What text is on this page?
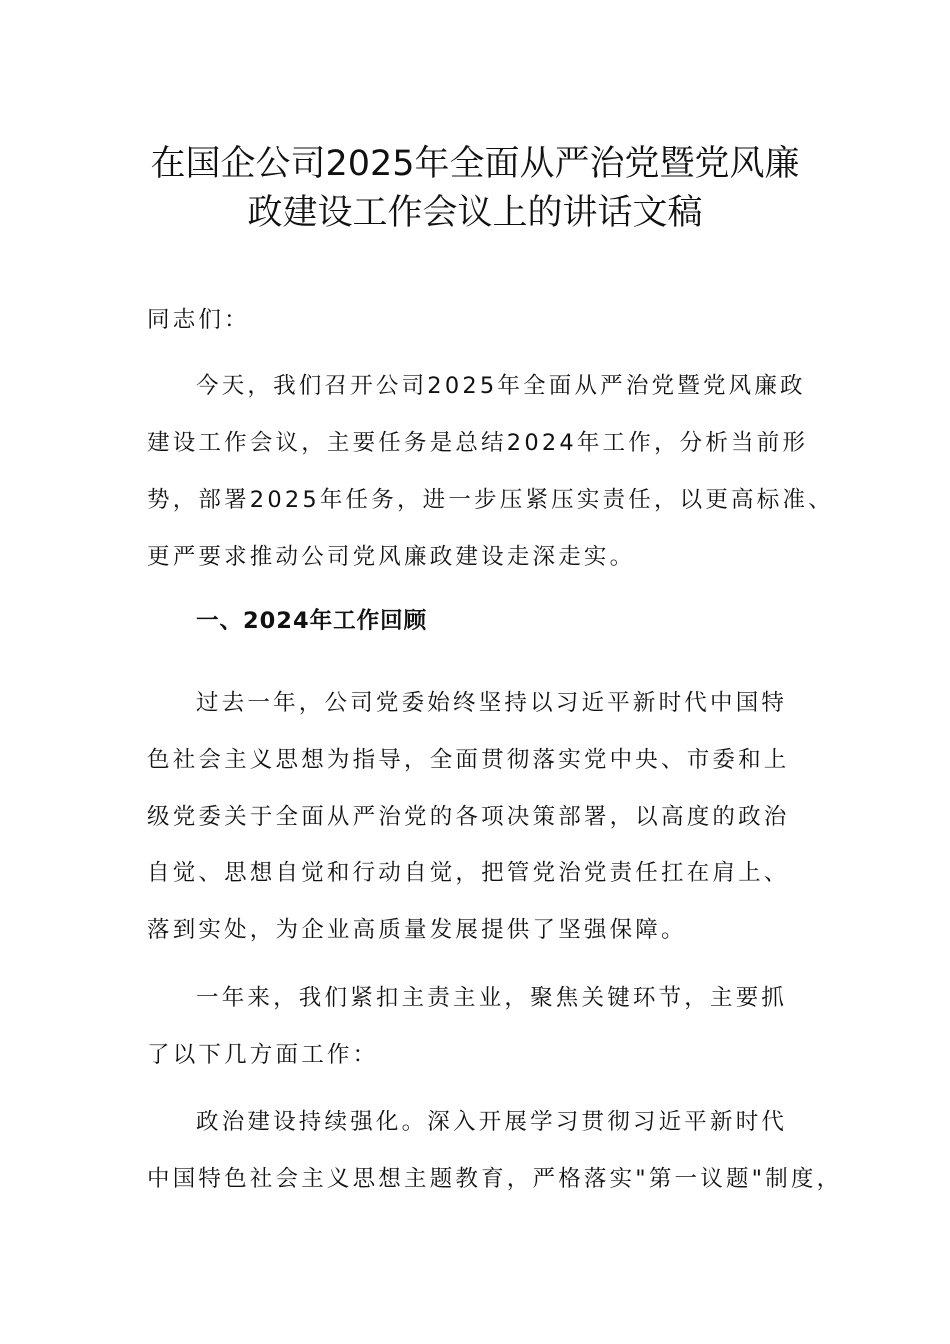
在国企公司2025年全面从严治党暨党风廉
政建设工作会议上的讲话文稿
同志们：
今天，我们召开公司2025年全面从严治党暨党风廉政
建设工作会议，主要任务是总结2024年工作，分析当前形
势，部署2025年任务，进一步压紧压实责任，以更高标准、
更严要求推动公司党风廉政建设走深走实。
一、2024年工作回顾
过去一年，公司党委始终坚持以习近平新时代中国特
色社会主义思想为指导，全面贯彻落实党中央、市委和上
级党委关于全面从严治党的各项决策部署，以高度的政治
自觉、思想自觉和行动自觉，把管党治党责任扛在肩上、
落到实处，为企业高质量发展提供了坚强保障。
一年来，我们紧扣主责主业，聚焦关键环节，主要抓
了以下几方面工作：
政治建设持续强化。深入开展学习贯彻习近平新时代
中国特色社会主义思想主题教育，严格落实"第一议题"制度，
